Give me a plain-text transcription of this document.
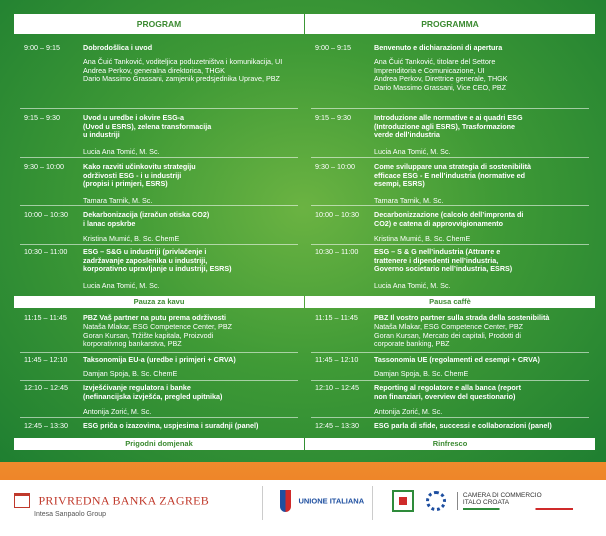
PROGRAM
9:00 – 9:15	Dobrodošlica i uvod
Ana Čuić Tanković, voditeljica poduzetništva i komunikacija, UI
Andrea Perkov, generalna direktorica, THGK
Dario Massimo Grassani, zamjenik predsjednika Uprave, PBZ
9:15 – 9:30	Uvod u uredbe i okvire ESG-a
(Uvod u ESRS), zelena transformacija
u industriji
Lucia Ana Tomić, M. Sc.
9:30 – 10:00	Kako razviti učinkovitu strategiju
održivosti ESG - i u industriji
(propisi i primjeri, ESRS)
Tamara Tarnik, M. Sc.
10:00 – 10:30	Dekarbonizacija (izračun otiska CO2)
i lanac opskrbe
Kristina Mumić, B. Sc. ChemE
10:30 – 11:00	ESG – S&G u industriji (privlačenje i
zadržavanje zaposlenika u industriji,
korporativno upravljanje u industriji, ESRS)
Lucia Ana Tomić, M. Sc.
Pauza za kavu
11:15 – 11:45	PBZ Vaš partner na putu prema održivosti
Nataša Mlakar, ESG Competence Center, PBZ
Goran Kursan, Tržište kapitala, Proizvodi
korporativnog bankarstva, PBZ
11:45 – 12:10	Taksonomija EU-a (uredbe i primjeri + CRVA)
Damjan Spoja, B. Sc. ChemE
12:10 – 12:45	Izvješćivanje regulatora i banke
(nefinancijska izvješća, pregled upitnika)
Antonija Zorić, M. Sc.
12:45 – 13:30	ESG priča o izazovima, uspjesima i suradnji (panel)
Prigodni domjenak
PROGRAMMA
9:00 – 9:15	Benvenuto e dichiarazioni di apertura
Ana Čuić Tanković, titolare del Settore
Imprenditoria e Comunicazione, UI
Andrea Perkov, Direttrice generale, THGK
Dario Massimo Grassani, Vice CEO, PBZ
9:15 – 9:30	Introduzione alle normative e ai quadri ESG
(Introduzione agli ESRS), Trasformazione
verde dell’industria
Lucia Ana Tomić, M. Sc.
9:30 – 10:00	Come sviluppare una strategia di sostenibilità
efficace ESG - E nell’industria (normative ed
esempi, ESRS)
Tamara Tarnik, M. Sc.
10:00 – 10:30	Decarbonizzazione (calcolo dell’impronta di
CO2) e catena di approvvigionamento
Kristina Mumić, B. Sc. ChemE
10:30 – 11:00	ESG – S & G nell’industria (Attrarre e
trattenere i dipendenti nell’industria,
Governo societario nell’industria, ESRS)
Lucia Ana Tomić, M. Sc.
Pausa caffè
11:15 – 11:45	PBZ Il vostro partner sulla strada della sostenibilità
Nataša Mlakar, ESG Competence Center, PBZ
Goran Kursan, Mercato dei capitali, Prodotti di
corporate banking, PBZ
11:45 – 12:10	Tassonomia UE (regolamenti ed esempi + CRVA)
Damjan Spoja, B. Sc. ChemE
12:10 – 12:45	Reporting al regolatore e alla banca (report
non finanziari, overview del questionario)
Antonija Zorić, M. Sc.
12:45 – 13:30	ESG parla di sfide, successi e collaborazioni (panel)
Rinfresco
PRIVREDNA BANKA ZAGREB
Intesa Sanpaolo Group
UNIONE ITALIANA

CAMERA DI COMMERCIO
ITALO CROATA
